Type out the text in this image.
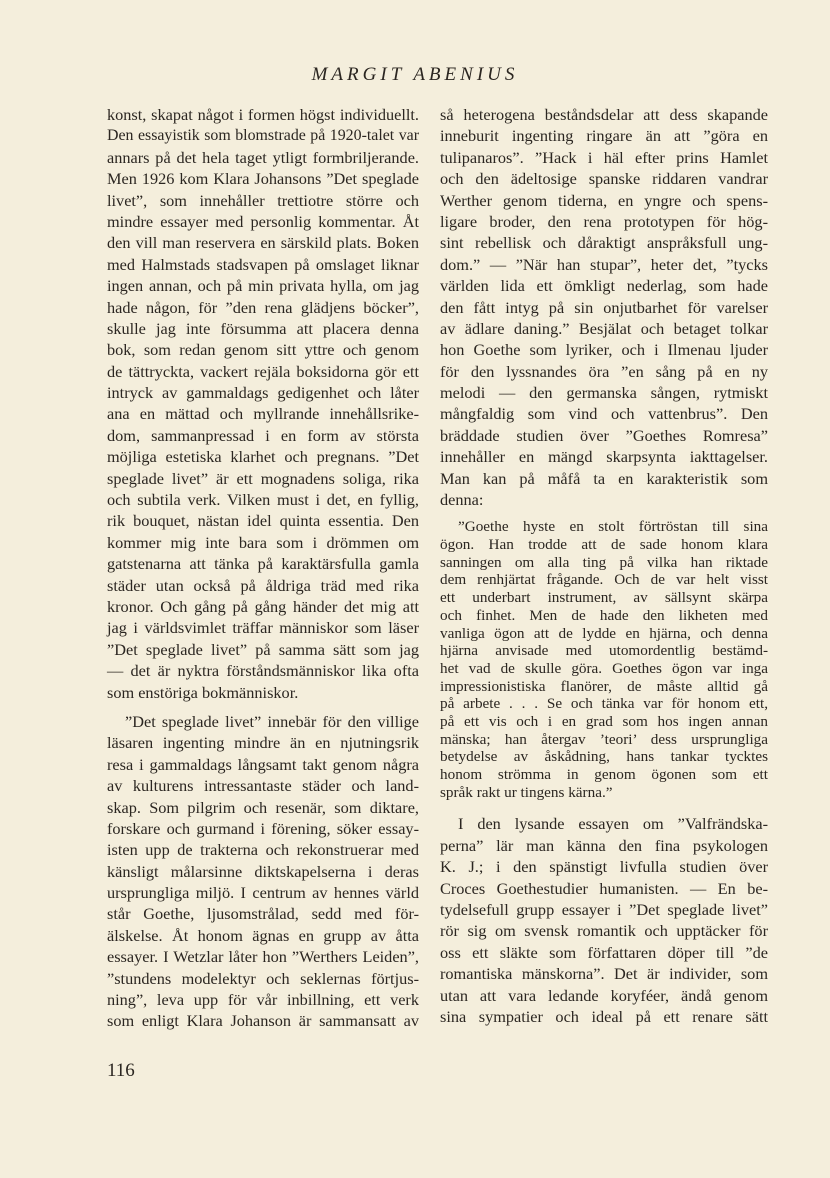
MARGIT ABENIUS
konst, skapat något i formen högst individuellt.
Den essayistik som blomstrade på 1920-talet var
annars på det hela taget ytligt formbriljerande.
Men 1926 kom Klara Johansons ”Det speglade
livet”, som innehåller trettiotre större och
mindre essayer med personlig kommentar. Åt
den vill man reservera en särskild plats. Boken
med Halmstads stadsvapen på omslaget liknar
ingen annan, och på min privata hylla, om jag
hade någon, för ”den rena glädjens böcker”,
skulle jag inte försumma att placera denna
bok, som redan genom sitt yttre och genom
de tättryckta, vackert rejäla boksidorna gör ett
intryck av gammaldags gedigenhet och låter
ana en mättad och myllrande innehållsrike-
dom, sammanpressad i en form av största
möjliga estetiska klarhet och pregnans. ”Det
speglade livet” är ett mognadens soliga, rika
och subtila verk. Vilken must i det, en fyllig,
rik bouquet, nästan idel quinta essentia. Den
kommer mig inte bara som i drömmen om
gatstenarna att tänka på karaktärsfulla gamla
städer utan också på åldriga träd med rika
kronor. Och gång på gång händer det mig att
jag i världsvimlet träffar människor som läser
”Det speglade livet” på samma sätt som jag
— det är nyktra förståndsmänniskor lika ofta
som enstöriga bokmänniskor.
”Det speglade livet” innebär för den villige
läsaren ingenting mindre än en njutningsrik
resa i gammaldags långsamt takt genom några
av kulturens intressantaste städer och land-
skap. Som pilgrim och resenär, som diktare,
forskare och gurmand i förening, söker essay-
isten upp de trakterna och rekonstruerar med
känsligt målarsinne diktskapelserna i deras
ursprungliga miljö. I centrum av hennes värld
står Goethe, ljusomstrålad, sedd med för-
älskelse. Åt honom ägnas en grupp av åtta
essayer. I Wetzlar låter hon ”Werthers Leiden”,
”stundens modelektyr och seklernas förtjus-
ning”, leva upp för vår inbillning, ett verk
som enligt Klara Johanson är sammansatt av
så heterogena beståndsdelar att dess skapande
inneburit ingenting ringare än att ”göra en
tulipanaros”. ”Hack i häl efter prins Hamlet
och den ädeltosige spanske riddaren vandrar
Werther genom tiderna, en yngre och spens-
ligare broder, den rena prototypen för hög-
sint rebellisk och dåraktigt anspråksfull ung-
dom.” — ”När han stupar”, heter det, ”tycks
världen lida ett ömkligt nederlag, som hade
den fått intyg på sin onjutbarhet för varelser
av ädlare daning.” Besjälat och betaget tolkar
hon Goethe som lyriker, och i Ilmenau ljuder
för den lyssnandes öra ”en sång på en ny
melodi — den germanska sången, rytmiskt
mångfaldig som vind och vattenbrus”. Den
bräddade studien över ”Goethes Romresa”
innehåller en mängd skarpsynta iakttagelser.
Man kan på måfå ta en karakteristik som
denna:
”Goethe hyste en stolt förtröstan till sina
ögon. Han trodde att de sade honom klara
sanningen om alla ting på vilka han riktade
dem renhjärtat frågande. Och de var helt visst
ett underbart instrument, av sällsynt skärpa
och finhet. Men de hade den likheten med
vanliga ögon att de lydde en hjärna, och denna
hjärna anvisade med utomordentlig bestämd-
het vad de skulle göra. Goethes ögon var inga
impressionistiska flanörer, de måste alltid gå
på arbete . . . Se och tänka var för honom ett,
på ett vis och i en grad som hos ingen annan
mänska; han återgav ’teori’ dess ursprungliga
betydelse av åskådning, hans tankar tycktes
honom strömma in genom ögonen som ett
språk rakt ur tingens kärna.”
I den lysande essayen om ”Valfrändska-
perna” lär man känna den fina psykologen
K. J.; i den spänstigt livfulla studien över
Croces Goethestudier humanisten. — En be-
tydelsefull grupp essayer i ”Det speglade livet”
rör sig om svensk romantik och upptäcker för
oss ett släkte som författaren döper till ”de
romantiska mänskorna”. Det är individer, som
utan att vara ledande koryféer, ändå genom
sina sympatier och ideal på ett renare sätt
116
